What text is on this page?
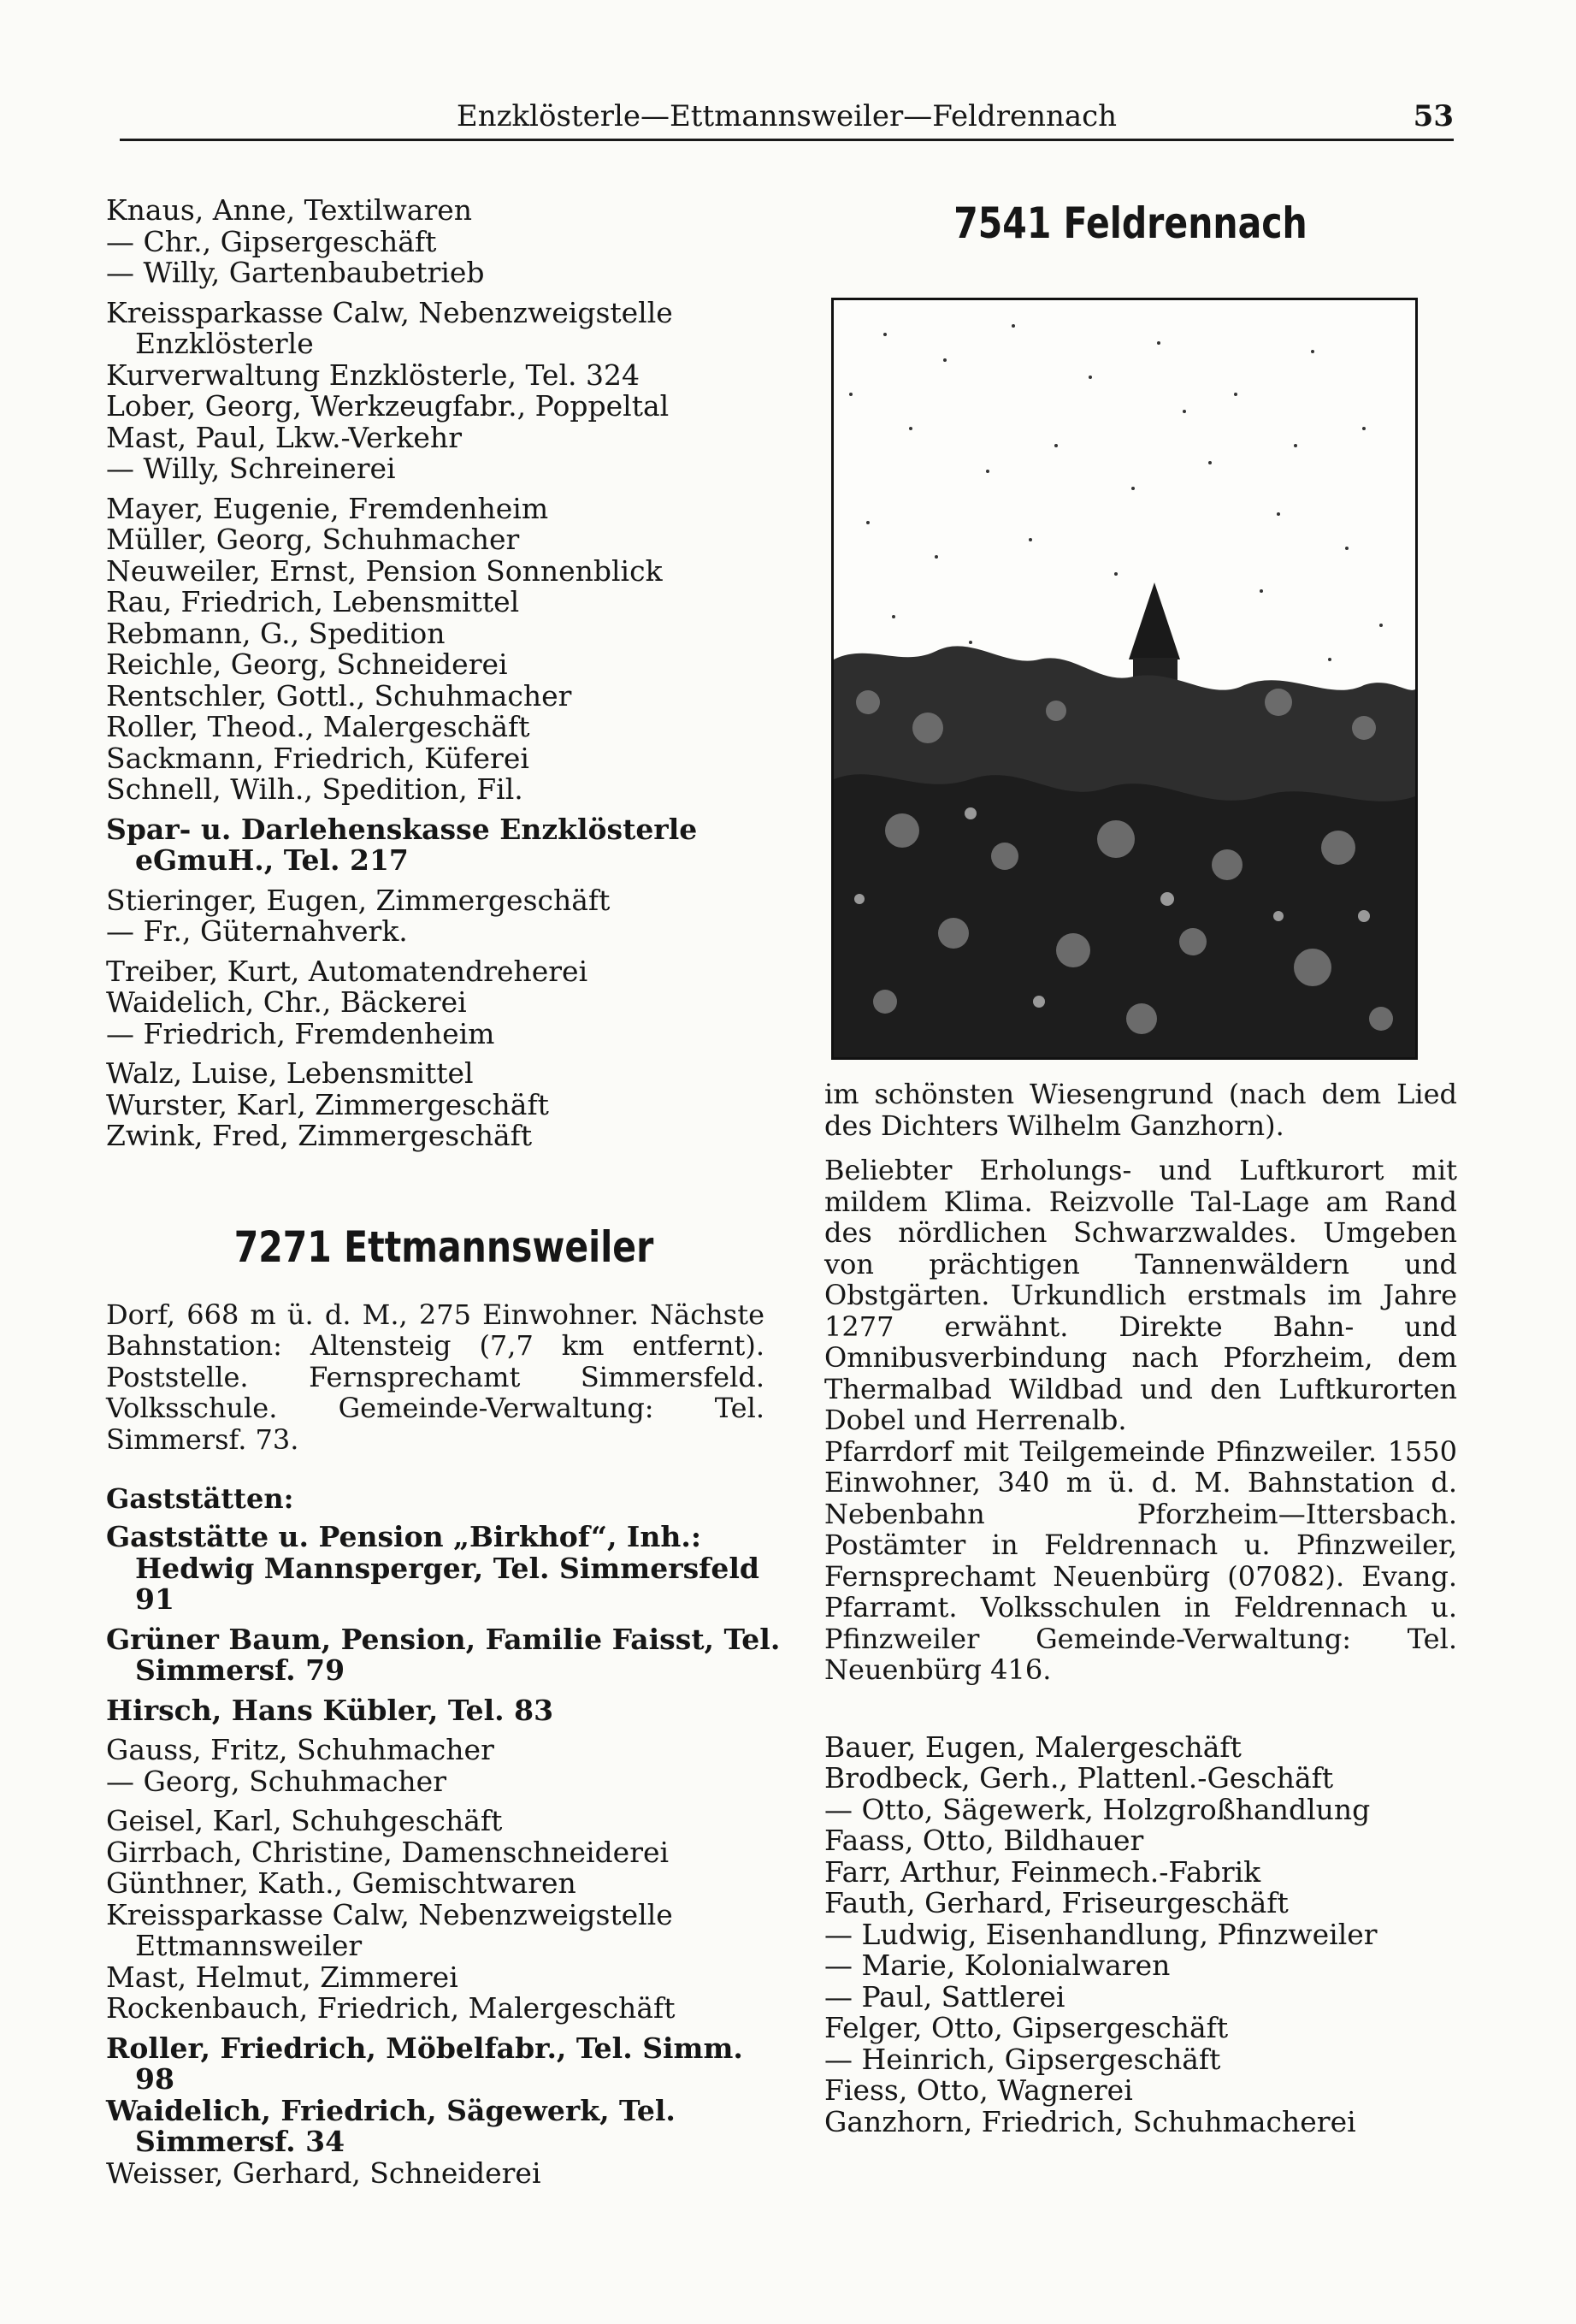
Enzklösterle—Ettmannsweiler—Feldrennach	53
Knaus, Anne, Textilwaren
— Chr., Gipsergeschäft
— Willy, Gartenbaubetrieb
Kreissparkasse Calw, Nebenzweigstelle Enzklösterle
Kurverwaltung Enzklösterle, Tel. 324
Lober, Georg, Werkzeugfabr., Poppeltal
Mast, Paul, Lkw.-Verkehr
— Willy, Schreinerei
Mayer, Eugenie, Fremdenheim
Müller, Georg, Schuhmacher
Neuweiler, Ernst, Pension Sonnenblick
Rau, Friedrich, Lebensmittel
Rebmann, G., Spedition
Reichle, Georg, Schneiderei
Rentschler, Gottl., Schuhmacher
Roller, Theod., Malergeschäft
Sackmann, Friedrich, Küferei
Schnell, Wilh., Spedition, Fil.
Spar- u. Darlehenskasse Enzklösterle eGmuH., Tel. 217
Stieringer, Eugen, Zimmergeschäft
— Fr., Güternahverk.
Treiber, Kurt, Automatendreherei
Waidelich, Chr., Bäckerei
— Friedrich, Fremdenheim
Walz, Luise, Lebensmittel
Wurster, Karl, Zimmergeschäft
Zwink, Fred, Zimmergeschäft
7271 Ettmannsweiler
Dorf, 668 m ü. d. M., 275 Einwohner. Nächste Bahnstation: Altensteig (7,7 km entfernt). Poststelle. Fernsprechamt Simmersfeld. Volksschule. Gemeinde-Verwaltung: Tel. Simmersf. 73.
Gaststätten:
Gaststätte u. Pension „Birkhof“, Inh.: Hedwig Mannsperger, Tel. Simmersfeld 91
Grüner Baum, Pension, Familie Faisst, Tel. Simmersf. 79
Hirsch, Hans Kübler, Tel. 83
Gauss, Fritz, Schuhmacher
— Georg, Schuhmacher
Geisel, Karl, Schuhgeschäft
Girrbach, Christine, Damenschneiderei
Günthner, Kath., Gemischtwaren
Kreissparkasse Calw, Nebenzweigstelle Ettmannsweiler
Mast, Helmut, Zimmerei
Rockenbauch, Friedrich, Malergeschäft
Roller, Friedrich, Möbelfabr., Tel. Simm. 98
Waidelich, Friedrich, Sägewerk, Tel. Simmersf. 34
Weisser, Gerhard, Schneiderei
7541 Feldrennach
im schönsten Wiesengrund (nach dem Lied des Dichters Wilhelm Ganzhorn).
Beliebter Erholungs- und Luftkurort mit mildem Klima. Reizvolle Tal-Lage am Rand des nördlichen Schwarzwaldes. Umgeben von prächtigen Tannenwäldern und Obstgärten. Urkundlich erstmals im Jahre 1277 erwähnt. Direkte Bahn- und Omnibusverbindung nach Pforzheim, dem Thermalbad Wildbad und den Luftkurorten Dobel und Herrenalb.
Pfarrdorf mit Teilgemeinde Pfinzweiler. 1550 Einwohner, 340 m ü. d. M. Bahnstation d. Nebenbahn Pforzheim—Ittersbach. Postämter in Feldrennach u. Pfinzweiler, Fernsprechamt Neuenbürg (07082). Evang. Pfarramt. Volksschulen in Feldrennach u. Pfinzweiler Gemeinde-Verwaltung: Tel. Neuenbürg 416.
Bauer, Eugen, Malergeschäft
Brodbeck, Gerh., Plattenl.-Geschäft
— Otto, Sägewerk, Holzgroßhandlung
Faass, Otto, Bildhauer
Farr, Arthur, Feinmech.-Fabrik
Fauth, Gerhard, Friseurgeschäft
— Ludwig, Eisenhandlung, Pfinzweiler
— Marie, Kolonialwaren
— Paul, Sattlerei
Felger, Otto, Gipsergeschäft
— Heinrich, Gipsergeschäft
Fiess, Otto, Wagnerei
Ganzhorn, Friedrich, Schuhmacherei
